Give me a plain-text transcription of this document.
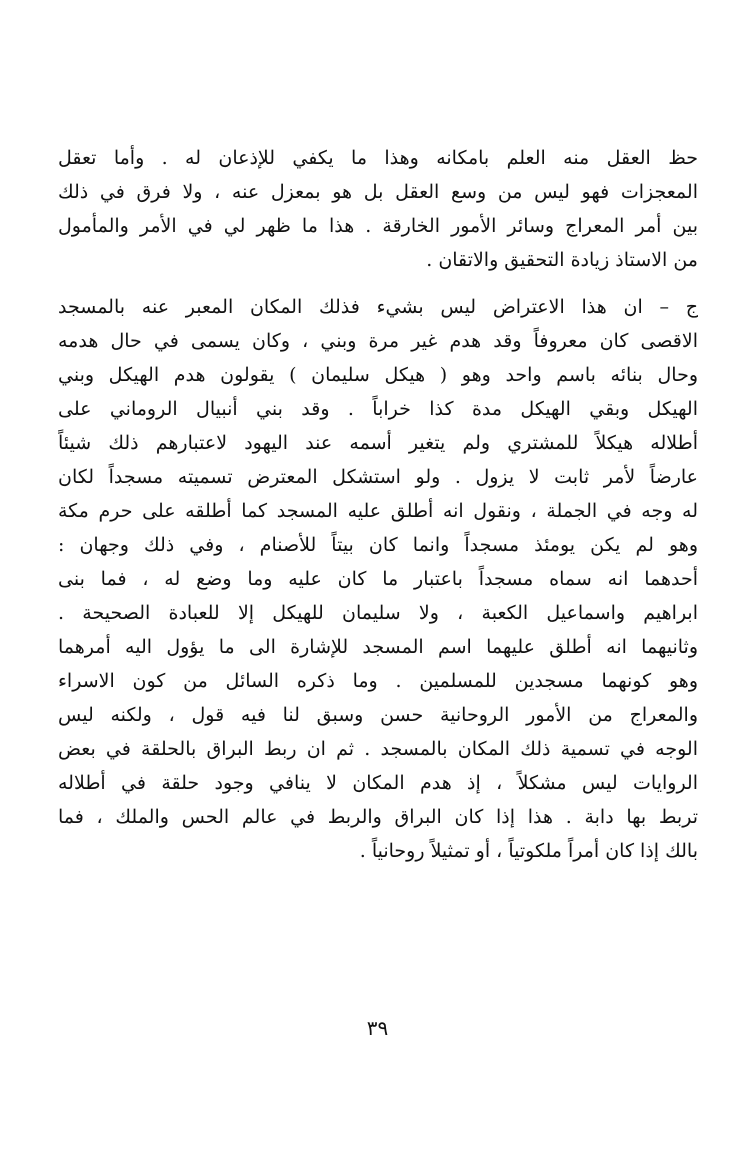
حظ العقل منه العلم بامكانه وهذا ما يكفي للإذعان له . وأما تعقل
المعجزات فهو ليس من وسع العقل بل هو بمعزل عنه ، ولا فرق في ذلك
بين أمر المعراج وسائر الأمور الخارقة . هذا ما ظهر لي في الأمر والمأمول
من الاستاذ زيادة التحقيق والاتقان .
ج – ان هذا الاعتراض ليس بشيء فذلك المكان المعبر عنه بالمسجد
الاقصى كان معروفاً وقد هدم غير مرة وبني ، وكان يسمى في حال هدمه
وحال بنائه باسم واحد وهو ( هيكل سليمان ) يقولون هدم الهيكل وبني
الهيكل وبقي الهيكل مدة كذا خراباً . وقد بني أنبيال الروماني على
أطلاله هيكلاً للمشتري ولم يتغير أسمه عند اليهود لاعتبارهم ذلك شيئاً
عارضاً لأمر ثابت لا يزول . ولو استشكل المعترض تسميته مسجداً لكان
له وجه في الجملة ، ونقول انه أطلق عليه المسجد كما أطلقه على حرم مكة
وهو لم يكن يومئذ مسجداً وانما كان بيتاً للأصنام ، وفي ذلك وجهان :
أحدهما انه سماه مسجداً باعتبار ما كان عليه وما وضع له ، فما بنى
ابراهيم واسماعيل الكعبة ، ولا سليمان للهيكل إلا للعبادة الصحيحة .
وثانيهما انه أطلق عليهما اسم المسجد للإشارة الى ما يؤول اليه أمرهما
وهو كونهما مسجدين للمسلمين . وما ذكره السائل من كون الاسراء
والمعراج من الأمور الروحانية حسن وسبق لنا فيه قول ، ولكنه ليس
الوجه في تسمية ذلك المكان بالمسجد . ثم ان ربط البراق بالحلقة في بعض
الروايات ليس مشكلاً ، إذ هدم المكان لا ينافي وجود حلقة في أطلاله
تربط بها دابة . هذا إذا كان البراق والربط في عالم الحس والملك ، فما
بالك إذا كان أمراً ملكوتياً ، أو تمثيلاً روحانياً .
٣٩
